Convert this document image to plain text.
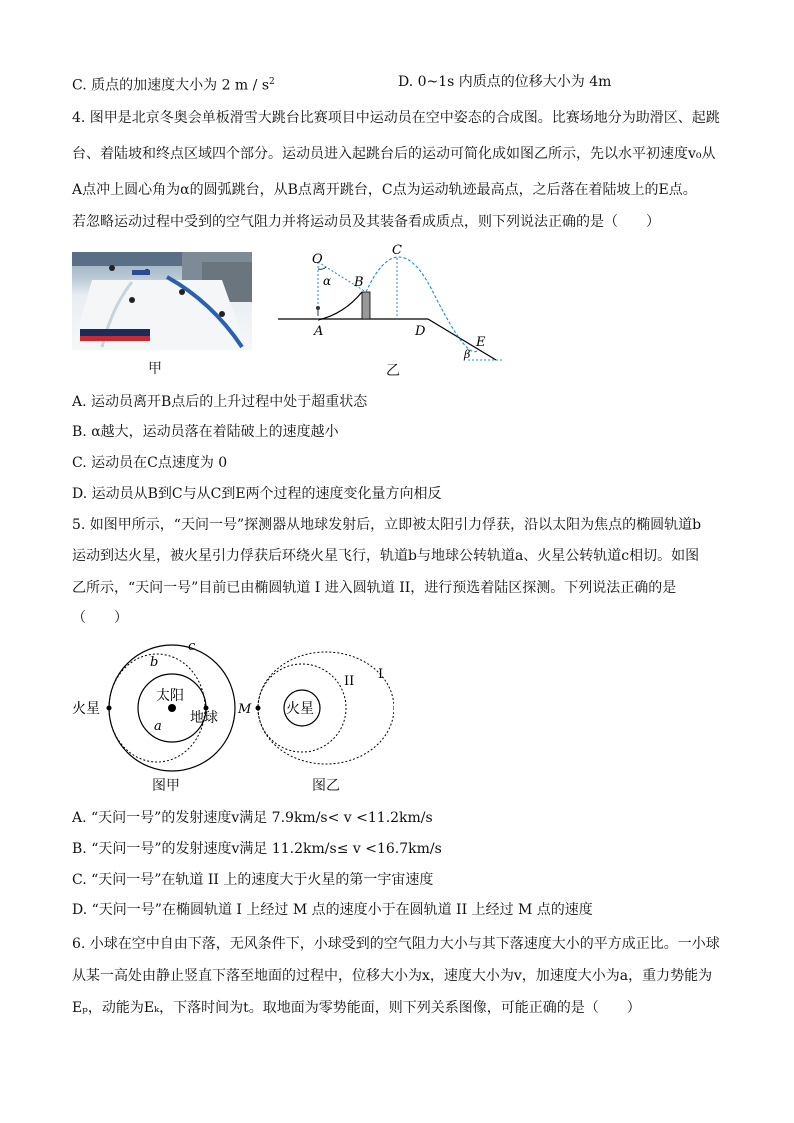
C. 质点的加速度大小为 2 m / $s^2$	D. 0~1s 内质点的位移大小为 4m
4. 图甲是北京冬奥会单板滑雪大跳台比赛项目中运动员在空中姿态的合成图。比赛场地分为助滑区、起跳
台、着陆坡和终点区域四个部分。运动员进入起跳台后的运动可简化成如图乙所示，先以水平初速度v₀从
A点冲上圆心角为α的圆弧跳台，从B点离开跳台，C点为运动轨迹最高点，之后落在着陆坡上的E点。
若忽略运动过程中受到的空气阻力并将运动员及其装备看成质点，则下列说法正确的是（　　）
甲
O
α B
C
A	D
E
β
乙
A. 运动员离开B点后的上升过程中处于超重状态
B. α越大，运动员落在着陆破上的速度越小
C. 运动员在C点速度为 0
D. 运动员从B到C与从C到E两个过程的速度变化量方向相反
5. 如图甲所示，“天问一号”探测器从地球发射后，立即被太阳引力俘获，沿以太阳为焦点的椭圆轨道b
运动到达火星，被火星引力俘获后环绕火星飞行，轨道b与地球公转轨道a、火星公转轨道c相切。如图
乙所示，“天问一号”目前已由椭圆轨道 I 进入圆轨道 II，进行预选着陆区探测。下列说法正确的是
（　　）
c
b
太阳
火星
地球
a
图甲
M 火星
II I
图乙
A. “天问一号”的发射速度v满足 7.9km/s< v <11.2km/s
B. “天问一号”的发射速度v满足 11.2km/s≤ v <16.7km/s
C. “天问一号”在轨道 II 上的速度大于火星的第一宇宙速度
D. “天问一号”在椭圆轨道 I 上经过 M 点的速度小于在圆轨道 II 上经过 M 点的速度
6. 小球在空中自由下落，无风条件下，小球受到的空气阻力大小与其下落速度大小的平方成正比。一小球
从某一高处由静止竖直下落至地面的过程中，位移大小为x，速度大小为v，加速度大小为a，重力势能为
Eₚ，动能为Eₖ，下落时间为t。取地面为零势能面，则下列关系图像，可能正确的是（　　）
